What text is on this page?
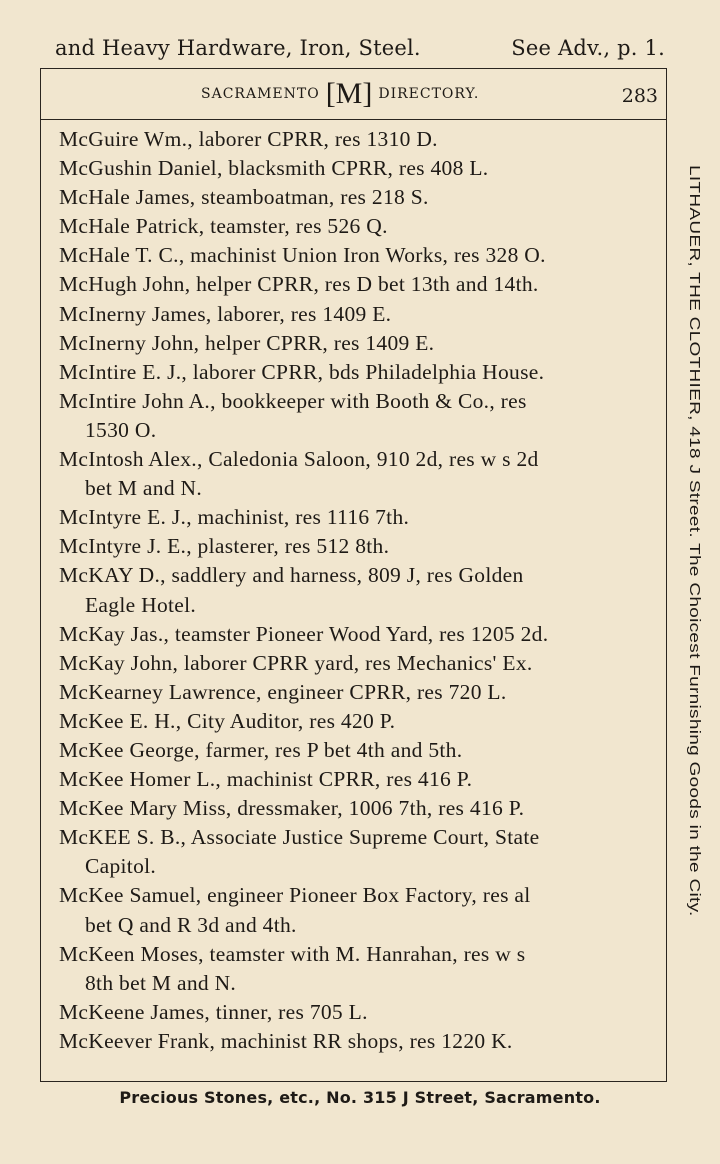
and Heavy Hardware, Iron, Steel.	See Adv., p. 1.
SACRAMENTO [M] DIRECTORY.	283
McGuire Wm., laborer CPRR, res 1310 D.
McGushin Daniel, blacksmith CPRR, res 408 L.
McHale James, steamboatman, res 218 S.
McHale Patrick, teamster, res 526 Q.
McHale T. C., machinist Union Iron Works, res 328 O.
McHugh John, helper CPRR, res D bet 13th and 14th.
McInerny James, laborer, res 1409 E.
McInerny John, helper CPRR, res 1409 E.
McIntire E. J., laborer CPRR, bds Philadelphia House.
McIntire John A., bookkeeper with Booth & Co., res
1530 O.
McIntosh Alex., Caledonia Saloon, 910 2d, res w s 2d
bet M and N.
McIntyre E. J., machinist, res 1116 7th.
McIntyre J. E., plasterer, res 512 8th.
McKAY D., saddlery and harness, 809 J, res Golden
Eagle Hotel.
McKay Jas., teamster Pioneer Wood Yard, res 1205 2d.
McKay John, laborer CPRR yard, res Mechanics' Ex.
McKearney Lawrence, engineer CPRR, res 720 L.
McKee E. H., City Auditor, res 420 P.
McKee George, farmer, res P bet 4th and 5th.
McKee Homer L., machinist CPRR, res 416 P.
McKee Mary Miss, dressmaker, 1006 7th, res 416 P.
McKEE S. B., Associate Justice Supreme Court, State
Capitol.
McKee Samuel, engineer Pioneer Box Factory, res al
bet Q and R 3d and 4th.
McKeen Moses, teamster with M. Hanrahan, res w s
8th bet M and N.
McKeene James, tinner, res 705 L.
McKeever Frank, machinist RR shops, res 1220 K.
LITHAUER, THE CLOTHIER, 418 J Street. The Choicest Furnishing Goods in the City.
Precious Stones, etc., No. 315 J Street, Sacramento.
